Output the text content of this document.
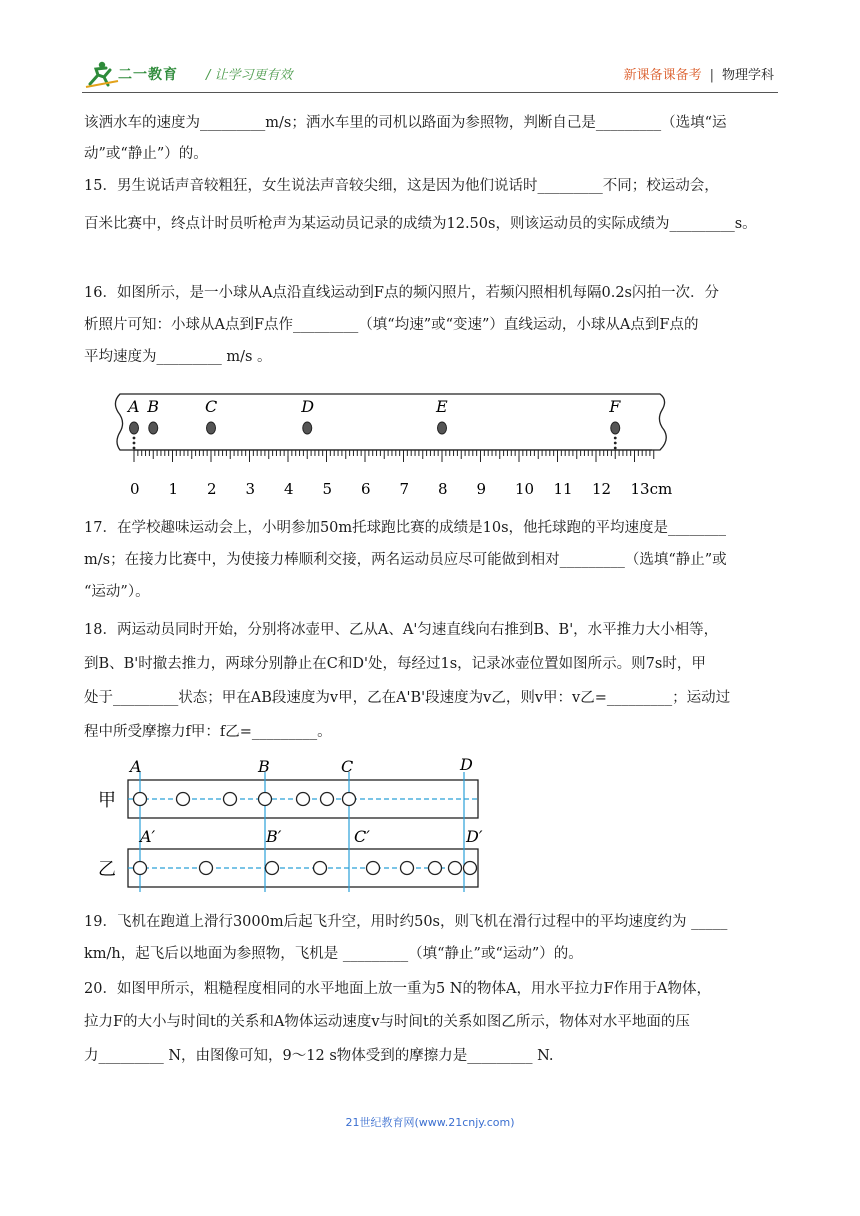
二一教育 / 让学习更有效	新课备课备考 | 物理学科
该洒水车的速度为_________m/s；洒水车里的司机以路面为参照物，判断自己是_________（选填“运
动”或“静止”）的。
15．男生说话声音较粗狂，女生说法声音较尖细，这是因为他们说话时_________不同；校运动会，
百米比赛中，终点计时员听枪声为某运动员记录的成绩为12.50s，则该运动员的实际成绩为_________s。
16．如图所示，是一小球从A点沿直线运动到F点的频闪照片，若频闪照相机每隔0.2s闪拍一次．分
析照片可知：小球从A点到F点作_________（填“均速”或“变速”）直线运动，小球从A点到F点的
平均速度为_________ m/s 。
A B	C	D	E	F
0 1 2 3 4 5 6 7 8 9 10 11 12 13cm
17．在学校趣味运动会上，小明参加50m托球跑比赛的成绩是10s，他托球跑的平均速度是________
m/s；在接力比赛中，为使接力棒顺利交接，两名运动员应尽可能做到相对_________（选填“静止”或
“运动”）。
18．两运动员同时开始，分别将冰壶甲、乙从A、A'匀速直线向右推到B、B'，水平推力大小相等，
到B、B'时撤去推力，两球分别静止在C和D'处，每经过1s，记录冰壶位置如图所示。则7s时，甲
处于_________状态；甲在AB段速度为v甲，乙在A'B'段速度为v乙，则v甲：v乙=_________；运动过
程中所受摩擦力f甲：f乙=_________。
甲
乙
A	B	C	D
A′	B′	C′	D′
19．飞机在跑道上滑行3000m后起飞升空，用时约50s，则飞机在滑行过程中的平均速度约为 _____
km/h，起飞后以地面为参照物，飞机是 _________（填“静止”或“运动”）的。
20．如图甲所示，粗糙程度相同的水平地面上放一重为5 N的物体A，用水平拉力F作用于A物体，
拉力F的大小与时间t的关系和A物体运动速度v与时间t的关系如图乙所示，物体对水平地面的压
力_________ N，由图像可知，9～12 s物体受到的摩擦力是_________ N.
21世纪教育网(www.21cnjy.com)
